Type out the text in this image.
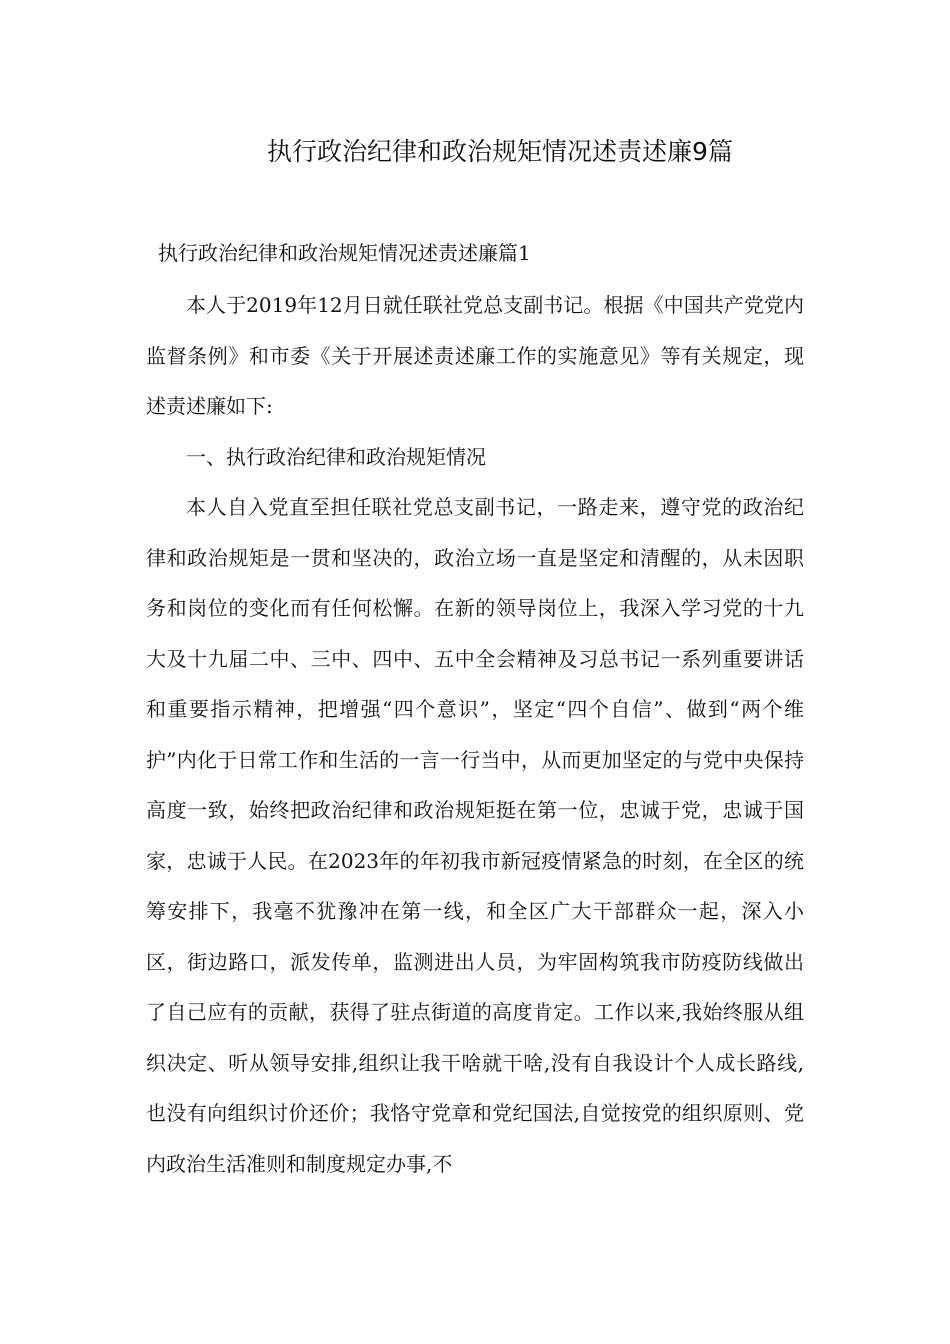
执行政治纪律和政治规矩情况述责述廉9篇
执行政治纪律和政治规矩情况述责述廉篇1

本人于2019年12月日就任联社党总支副书记。根据《中国共产党党内监督条例》和市委《关于开展述责述廉工作的实施意见》等有关规定，现述责述廉如下:

一、执行政治纪律和政治规矩情况

本人自入党直至担任联社党总支副书记，一路走来，遵守党的政治纪律和政治规矩是一贯和坚决的，政治立场一直是坚定和清醒的，从未因职务和岗位的变化而有任何松懈。在新的领导岗位上，我深入学习党的十九大及十九届二中、三中、四中、五中全会精神及习总书记一系列重要讲话和重要指示精神，把增强“四个意识”，坚定“四个自信”、做到“两个维护”内化于日常工作和生活的一言一行当中，从而更加坚定的与党中央保持高度一致，始终把政治纪律和政治规矩挺在第一位，忠诚于党，忠诚于国家，忠诚于人民。在2023年的年初我市新冠疫情紧急的时刻，在全区的统筹安排下，我毫不犹豫冲在第一线，和全区广大干部群众一起，深入小区，街边路口，派发传单，监测进出人员，为牢固构筑我市防疫防线做出了自己应有的贡献，获得了驻点街道的高度肯定。工作以来,我始终服从组织决定、听从领导安排,组织让我干啥就干啥,没有自我设计个人成长路线,也没有向组织讨价还价；我恪守党章和党纪国法,自觉按党的组织原则、党内政治生活准则和制度规定办事,不
